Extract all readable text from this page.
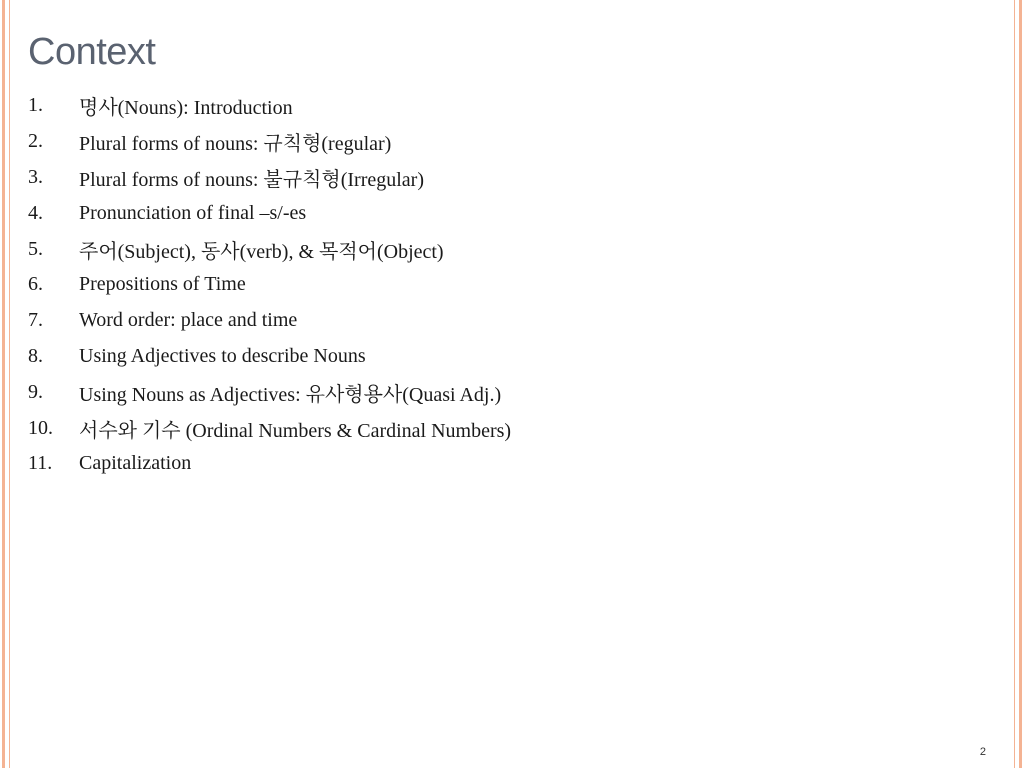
Context
1.	명사(Nouns): Introduction
2.	Plural forms of nouns: 규칙형(regular)
3.	Plural forms of nouns: 불규칙형(Irregular)
4.	Pronunciation of final –s/-es
5.	주어(Subject), 동사(verb), & 목적어(Object)
6.	Prepositions of Time
7.	Word order: place and time
8.	Using Adjectives to describe Nouns
9.	Using Nouns as Adjectives: 유사형용사(Quasi Adj.)
10.	서수와 기수 (Ordinal Numbers & Cardinal Numbers)
11.	Capitalization
2
